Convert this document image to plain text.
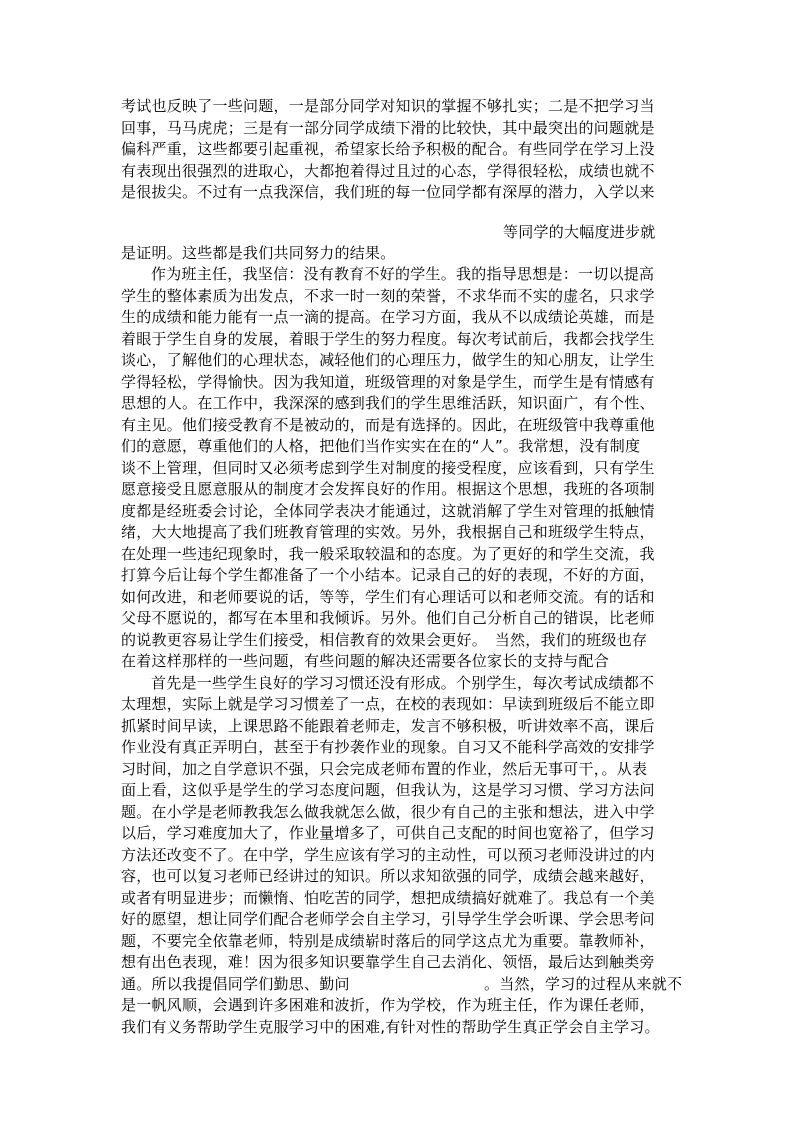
考试也反映了一些问题，一是部分同学对知识的掌握不够扎实；二是不把学习当
回事，马马虎虎；三是有一部分同学成绩下滑的比较快，其中最突出的问题就是
偏科严重，这些都要引起重视，希望家长给予积极的配合。有些同学在学习上没
有表现出很强烈的进取心，大都抱着得过且过的心态，学得很轻松，成绩也就不
是很拔尖。不过有一点我深信，我们班的每一位同学都有深厚的潜力，入学以来
等同学的大幅度进步就
是证明。这些都是我们共同努力的结果。
作为班主任，我坚信：没有教育不好的学生。我的指导思想是：一切以提高
学生的整体素质为出发点，不求一时一刻的荣誉，不求华而不实的虚名，只求学
生的成绩和能力能有一点一滴的提高。在学习方面，我从不以成绩论英雄，而是
着眼于学生自身的发展，着眼于学生的努力程度。每次考试前后，我都会找学生
谈心，了解他们的心理状态，减轻他们的心理压力，做学生的知心朋友，让学生
学得轻松，学得愉快。因为我知道，班级管理的对象是学生，而学生是有情感有
思想的人。在工作中，我深深的感到我们的学生思维活跃，知识面广，有个性、
有主见。他们接受教育不是被动的，而是有选择的。因此，在班级管中我尊重他
们的意愿，尊重他们的人格，把他们当作实实在在的“人”。我常想，没有制度
谈不上管理，但同时又必须考虑到学生对制度的接受程度，应该看到，只有学生
愿意接受且愿意服从的制度才会发挥良好的作用。根据这个思想，我班的各项制
度都是经班委会讨论，全体同学表决才能通过，这就消解了学生对管理的抵触情
绪，大大地提高了我们班教育管理的实效。另外，我根据自己和班级学生特点，
在处理一些违纪现象时，我一般采取较温和的态度。为了更好的和学生交流，我
打算今后让每个学生都准备了一个小结本。记录自己的好的表现，不好的方面，
如何改进，和老师要说的话，等等，学生们有心理话可以和老师交流。有的话和
父母不愿说的，都写在本里和我倾诉。另外。他们自己分析自己的错误，比老师
的说教更容易让学生们接受，相信教育的效果会更好。　当然，我们的班级也存
在着这样那样的一些问题，有些问题的解决还需要各位家长的支持与配合
首先是一些学生良好的学习习惯还没有形成。个别学生，每次考试成绩都不
太理想，实际上就是学习习惯差了一点，在校的表现如：早读到班级后不能立即
抓紧时间早读，上课思路不能跟着老师走，发言不够积极，听讲效率不高，课后
作业没有真正弄明白，甚至于有抄袭作业的现象。自习又不能科学高效的安排学
习时间，加之自学意识不强，只会完成老师布置的作业，然后无事可干，。从表
面上看，这似乎是学生的学习态度问题，但我认为，这是学习习惯、学习方法问
题。在小学是老师教我怎么做我就怎么做，很少有自己的主张和想法，进入中学
以后，学习难度加大了，作业量增多了，可供自己支配的时间也宽裕了，但学习
方法还改变不了。在中学，学生应该有学习的主动性，可以预习老师没讲过的内
容，也可以复习老师已经讲过的知识。所以求知欲强的同学，成绩会越来越好，
或者有明显进步；而懒惰、怕吃苦的同学，想把成绩搞好就难了。我总有一个美
好的愿望，想让同学们配合老师学会自主学习，引导学生学会听课、学会思考问
题，不要完全依靠老师，特别是成绩崭时落后的同学这点尤为重要。靠教师补，
想有出色表现，难！因为很多知识要靠学生自己去消化、领悟，最后达到触类旁
通。所以我提倡同学们勤思、勤问	。当然，学习的过程从来就不
是一帆风顺，会遇到许多困难和波折，作为学校，作为班主任，作为课任老师，
我们有义务帮助学生克服学习中的困难,有针对性的帮助学生真正学会自主学习。
